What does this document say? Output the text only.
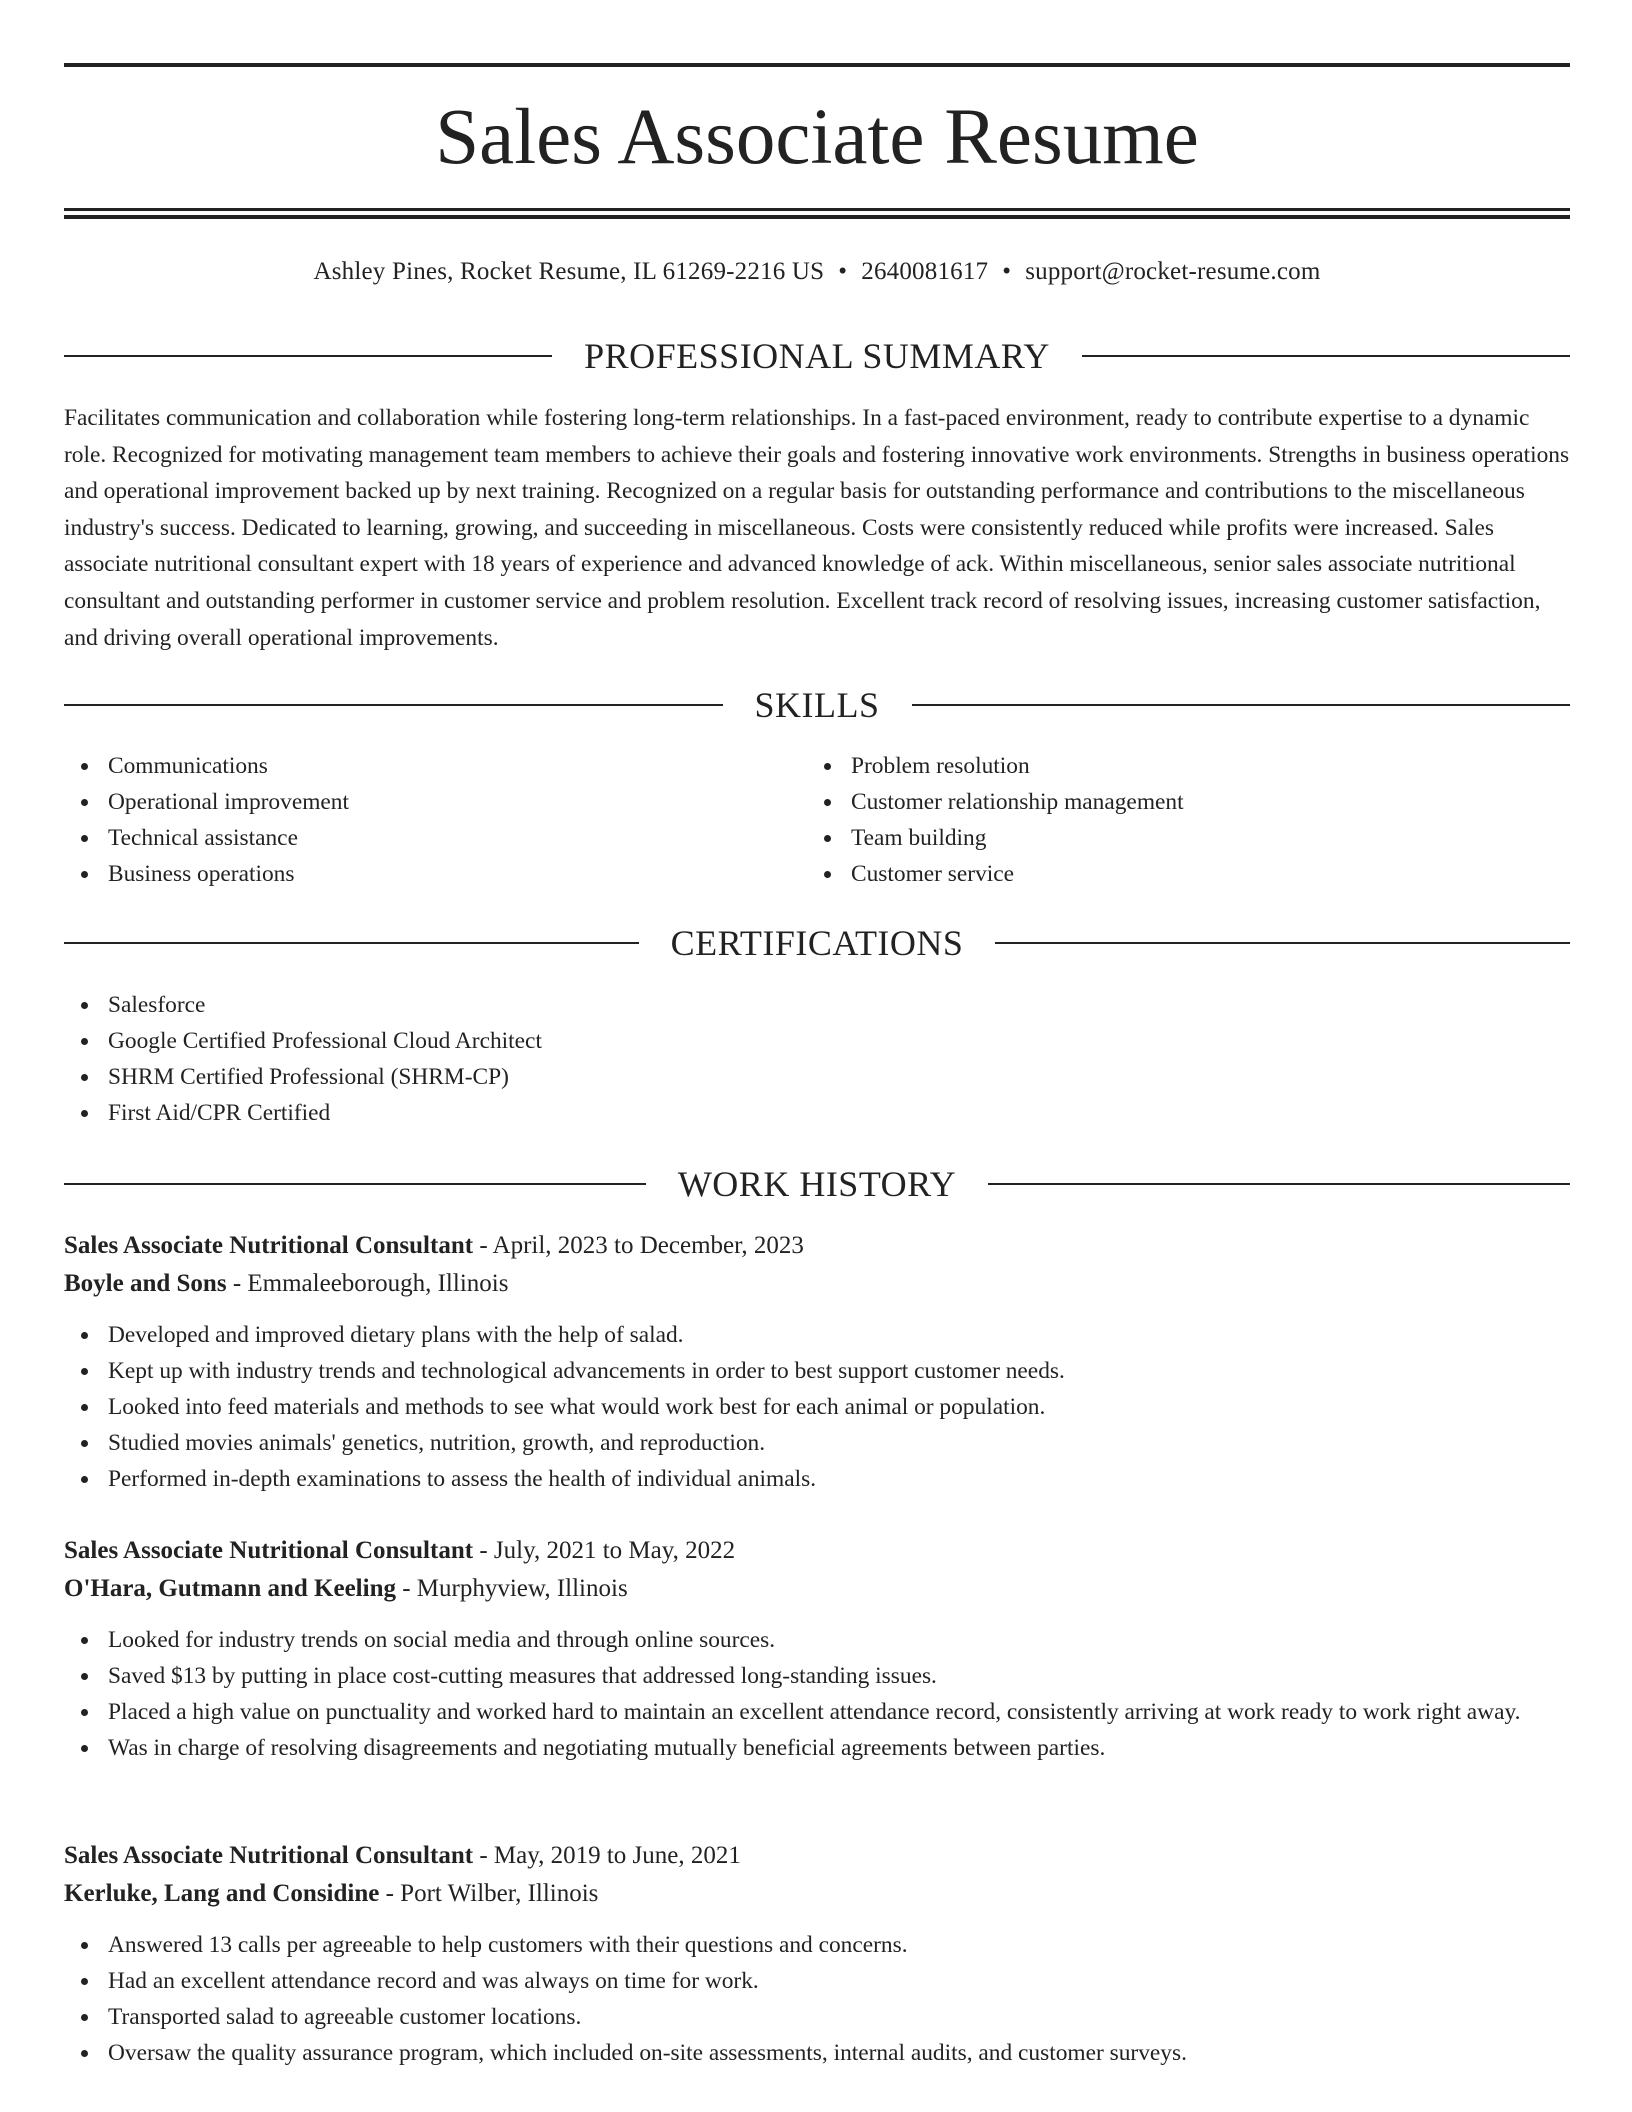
Sales Associate Resume
Ashley Pines, Rocket Resume, IL 61269-2216 US • 2640081617 • support@rocket-resume.com
PROFESSIONAL SUMMARY

Facilitates communication and collaboration while fostering long-term relationships. In a fast-paced environment, ready to contribute expertise to a dynamic role. Recognized for motivating management team members to achieve their goals and fostering innovative work environments. Strengths in business operations and operational improvement backed up by next training. Recognized on a regular basis for outstanding performance and contributions to the miscellaneous industry's success. Dedicated to learning, growing, and succeeding in miscellaneous. Costs were consistently reduced while profits were increased. Sales associate nutritional consultant expert with 18 years of experience and advanced knowledge of ack. Within miscellaneous, senior sales associate nutritional consultant and outstanding performer in customer service and problem resolution. Excellent track record of resolving issues, increasing customer satisfaction, and driving overall operational improvements.

SKILLS
Communications
Operational improvement
Technical assistance
Business operations
Problem resolution
Customer relationship management
Team building
Customer service
CERTIFICATIONS
Salesforce
Google Certified Professional Cloud Architect
SHRM Certified Professional (SHRM-CP)
First Aid/CPR Certified
WORK HISTORY

Sales Associate Nutritional Consultant - April, 2023 to December, 2023

Boyle and Sons - Emmaleeborough, Illinois

Developed and improved dietary plans with the help of salad.
Kept up with industry trends and technological advancements in order to best support customer needs.
Looked into feed materials and methods to see what would work best for each animal or population.
Studied movies animals' genetics, nutrition, growth, and reproduction.
Performed in-depth examinations to assess the health of individual animals.

Sales Associate Nutritional Consultant - July, 2021 to May, 2022

O'Hara, Gutmann and Keeling - Murphyview, Illinois

Looked for industry trends on social media and through online sources.
Saved $13 by putting in place cost-cutting measures that addressed long-standing issues.
Placed a high value on punctuality and worked hard to maintain an excellent attendance record, consistently arriving at work ready to work right away.
Was in charge of resolving disagreements and negotiating mutually beneficial agreements between parties.

Sales Associate Nutritional Consultant - May, 2019 to June, 2021

Kerluke, Lang and Considine - Port Wilber, Illinois

Answered 13 calls per agreeable to help customers with their questions and concerns.
Had an excellent attendance record and was always on time for work.
Transported salad to agreeable customer locations.
Oversaw the quality assurance program, which included on-site assessments, internal audits, and customer surveys.
